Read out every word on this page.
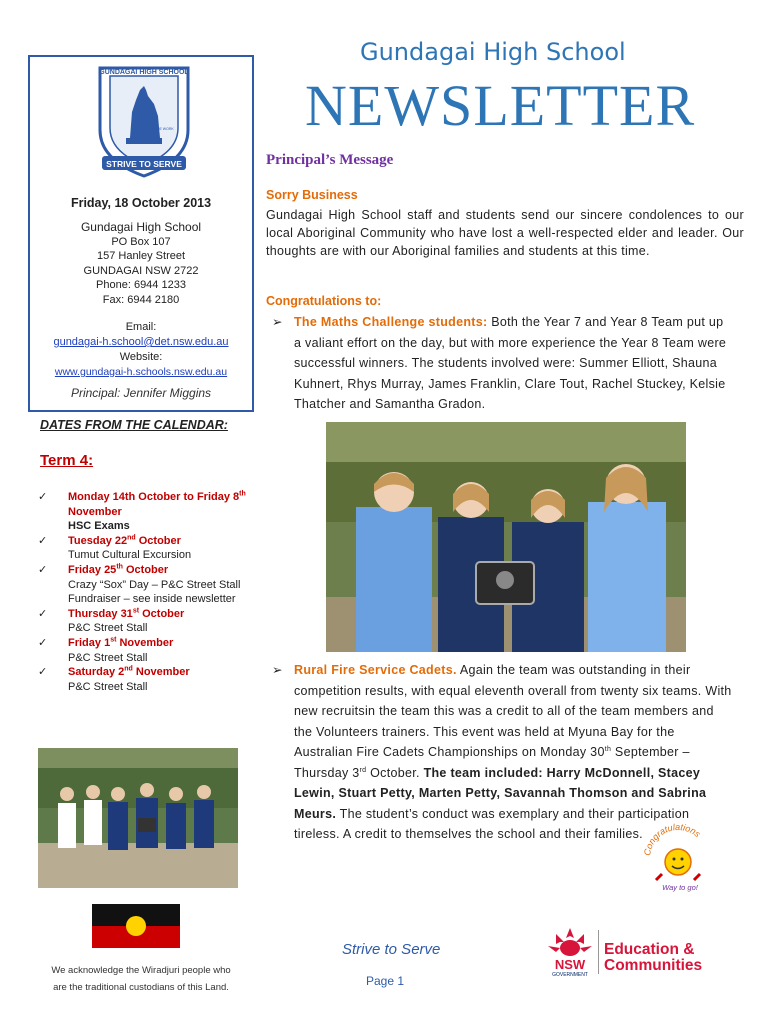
Gundagai High School
NEWSLETTER
STRIVE TO SERVE
GUNDAGAI HIGH SCHOOL
SINCERE WORK
Friday, 18 October 2013
Gundagai High School
PO Box 107
157 Hanley Street
GUNDAGAI NSW 2722
Phone: 6944 1233
Fax: 6944 2180
Email:
gundagai-h.school@det.nsw.edu.au
Website:
www.gundagai-h.schools.nsw.edu.au
Principal: Jennifer Miggins
DATES FROM THE CALENDAR:
Term 4:
✓ Monday 14th October to Friday 8th November
HSC Exams
✓ Tuesday 22nd October
Tumut Cultural Excursion
✓ Friday 25th October
Crazy “Sox” Day – P&C Street Stall Fundraiser – see inside newsletter
✓ Thursday 31st October
P&C Street Stall
✓ Friday 1st November
P&C Street Stall
✓ Saturday 2nd November
P&C Street Stall
We acknowledge the Wiradjuri people who
are the traditional custodians of this Land.
Principal’s Message
Sorry Business
Gundagai High School staff and students send our sincere condolences to our local Aboriginal Community who have lost a well-respected elder and leader. Our thoughts are with our Aboriginal families and students at this time.
Congratulations to:
➢ The Maths Challenge students: Both the Year 7 and Year 8 Team put up a valiant effort on the day, but with more experience the Year 8 Team were successful winners. The students involved were: Summer Elliott, Shauna Kuhnert, Rhys Murray, James Franklin, Clare Tout, Rachel Stuckey, Kelsie Thatcher and Samantha Gradon.
➢ Rural Fire Service Cadets. Again the team was outstanding in their competition results, with equal eleventh overall from twenty six teams. With new recruitsin the team this was a credit to all of the team members and the Volunteers trainers. This event was held at Myuna Bay for the Australian Fire Cadets Championships on Monday 30th September – Thursday 3rd October. The team included: Harry McDonnell, Stacey Lewin, Stuart Petty, Marten Petty, Savannah Thomson and Sabrina Meurs. The student’s conduct was exemplary and their participation tireless. A credit to themselves the school and their families.
Congratulations
Way to go!
Strive to Serve
Page 1
NSW
GOVERNMENT
Education &
Communities
